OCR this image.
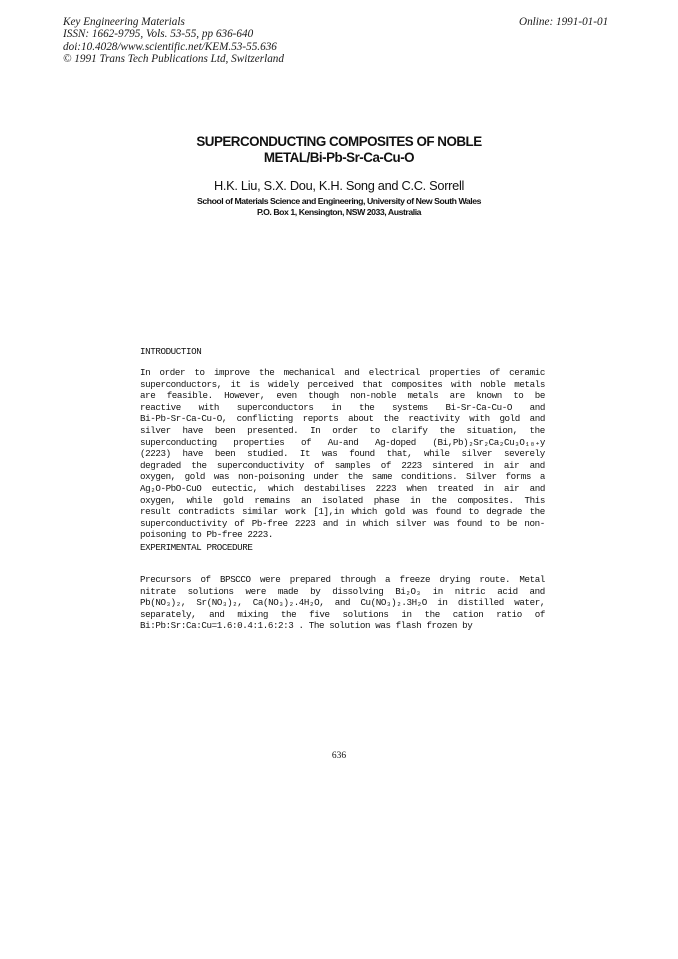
Key Engineering Materials
ISSN: 1662-9795, Vols. 53-55, pp 636-640
doi:10.4028/www.scientific.net/KEM.53-55.636
© 1991 Trans Tech Publications Ltd, Switzerland
Online: 1991-01-01
SUPERCONDUCTING COMPOSITES OF NOBLE
METAL/Bi-Pb-Sr-Ca-Cu-O
H.K. Liu, S.X. Dou, K.H. Song and C.C. Sorrell
School of Materials Science and Engineering, University of New South Wales
P.O. Box 1, Kensington, NSW 2033, Australia
INTRODUCTION
In order to improve the mechanical and electrical properties of ceramic
superconductors, it is widely perceived that composites with noble metals
are feasible. However, even though non-noble metals are known to be
reactive with superconductors in the systems Bi-Sr-Ca-Cu-O and
Bi-Pb-Sr-Ca-Cu-O, conflicting reports about the reactivity with gold and
silver have been presented. In order to clarify the situation, the
superconducting properties of Au-and Ag-doped (Bi,Pb)₂Sr₂Ca₂Cu₃O₁₀₊y
(2223) have been studied. It was found that, while silver severely
degraded the superconductivity of samples of 2223 sintered in air and
oxygen, gold was non-poisoning under the same conditions. Silver forms a
Ag₂O-PbO-CuO eutectic, which destabilises 2223 when treated in air and
oxygen, while gold remains an isolated phase in the composites. This
result contradicts similar work [1],in which gold was found to degrade the
superconductivity of Pb-free 2223 and in which silver was found to be non-
poisoning to Pb-free 2223.
EXPERIMENTAL PROCEDURE
Precursors of BPSCCO were prepared through a freeze drying route. Metal
nitrate solutions were made by dissolving Bi₂O₃ in nitric acid and
Pb(NO₃)₂, Sr(NO₃)₂, Ca(NO₃)₂.4H₂O, and Cu(NO₃)₂.3H₂O in distilled water,
separately, and mixing the five solutions in the cation ratio of
Bi:Pb:Sr:Ca:Cu=1.6:0.4:1.6:2:3 . The solution was flash frozen by
636
